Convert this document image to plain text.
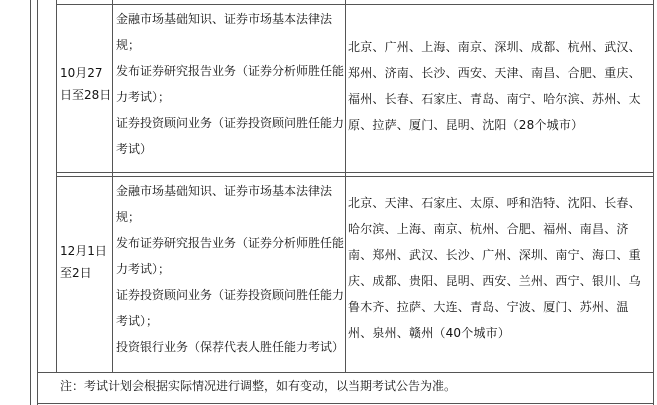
10月27日至28日

金融市场基础知识、证券市场基本法律法规；

发布证券研究报告业务（证券分析师胜任能力考试）；

证券投资顾问业务（证券投资顾问胜任能力考试）

北京、广州、上海、南京、深圳、成都、杭州、武汉、郑州、济南、长沙、西安、天津、南昌、合肥、重庆、福州、长春、石家庄、青岛、南宁、哈尔滨、苏州、太原、拉萨、厦门、昆明、沈阳（28个城市）
12月1日至2日

金融市场基础知识、证券市场基本法律法规；

发布证券研究报告业务（证券分析师胜任能力考试）；

证券投资顾问业务（证券投资顾问胜任能力考试）；

投资银行业务（保荐代表人胜任能力考试）

北京、天津、石家庄、太原、呼和浩特、沈阳、长春、哈尔滨、上海、南京、杭州、合肥、福州、南昌、济南、郑州、武汉、长沙、广州、深圳、南宁、海口、重庆、成都、贵阳、昆明、西安、兰州、西宁、银川、乌鲁木齐、拉萨、大连、青岛、宁波、厦门、苏州、温州、泉州、赣州（40个城市）
注：考试计划会根据实际情况进行调整，如有变动，以当期考试公告为准。
